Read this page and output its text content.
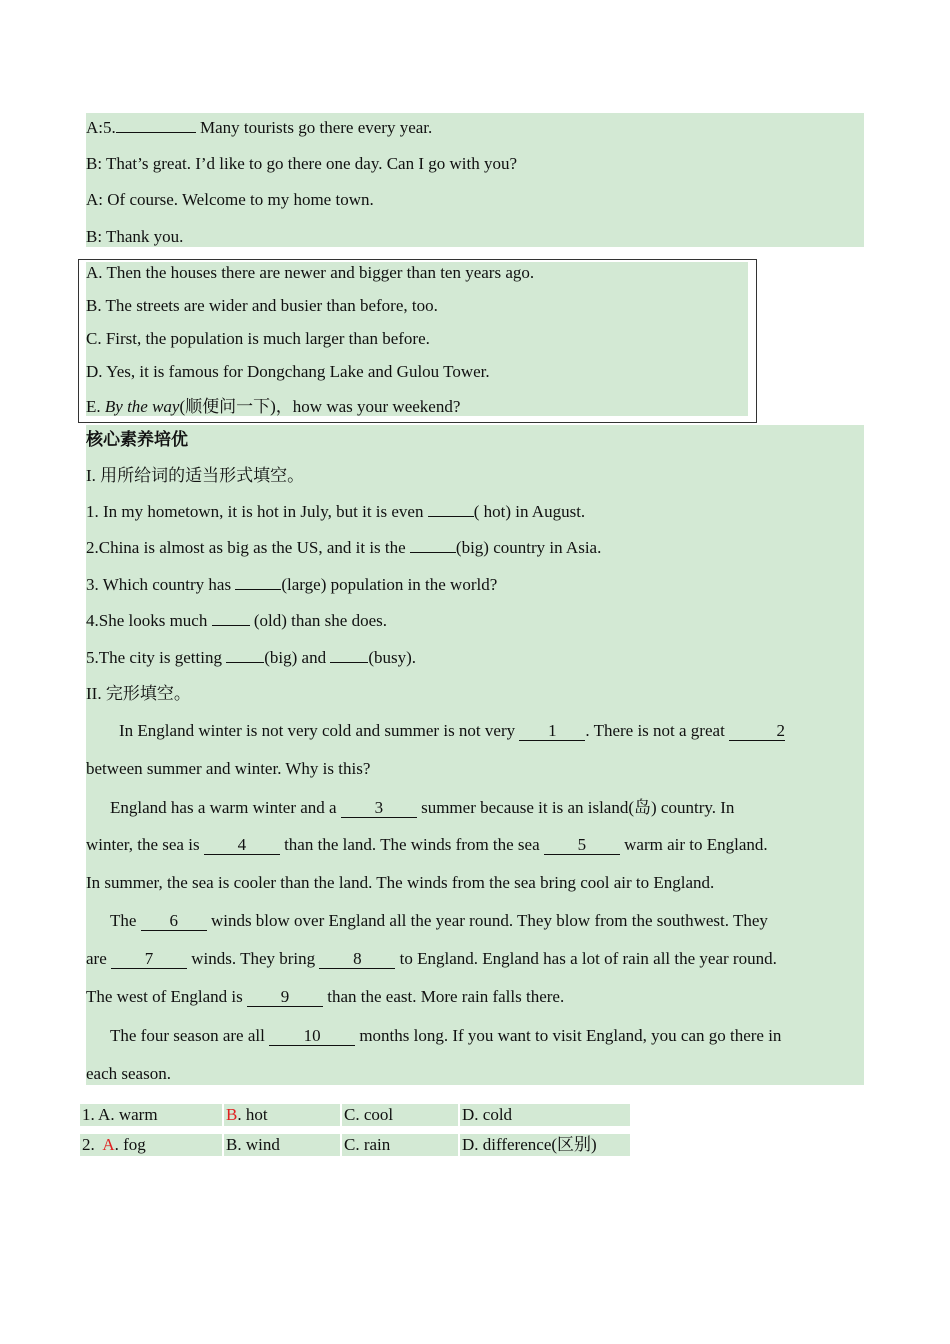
A:5.	Many tourists go there every year.
B: That’s great. I’d like to go there one day. Can I go with you?
A: Of course. Welcome to my home town.
B: Thank you.
A. Then the houses there are newer and bigger than ten years ago.
B. The streets are wider and busier than before, too.
C. First, the population is much larger than before.
D. Yes, it is famous for Dongchang Lake and Gulou Tower.
E. By the way(顺便问一下)，how was your weekend?
核心素养培优
I. 用所给词的适当形式填空。
1. In my hometown, it is hot in July, but it is even	( hot) in August.
2.China is almost as big as the US, and it is the	(big) country in Asia.
3. Which country has	(large) population in the world?
4.She looks much  (old) than she does.
5.The city is getting (big) and (busy).
II. 完形填空。
In England winter is not very cold and summer is not very 1 . There is not a great	2
between summer and winter. Why is this?
England has a warm winter and a 3 summer because it is an island(岛) country. In
winter, the sea is 4 than the land. The winds from the sea 5 warm air to England.
In summer, the sea is cooler than the land. The winds from the sea bring cool air to England.
The 6 winds blow over England all the year round. They blow from the southwest. They
are 7 winds. They bring 8 to England. England has a lot of rain all the year round.
The west of England is 9 than the east. More rain falls there.
The four season are all 10 months long. If you want to visit England, you can go there in
each season.
1. A. warm	B. hot	C. cool	D. cold
2.  A. fog	B. wind	C. rain	D. difference(区别)
